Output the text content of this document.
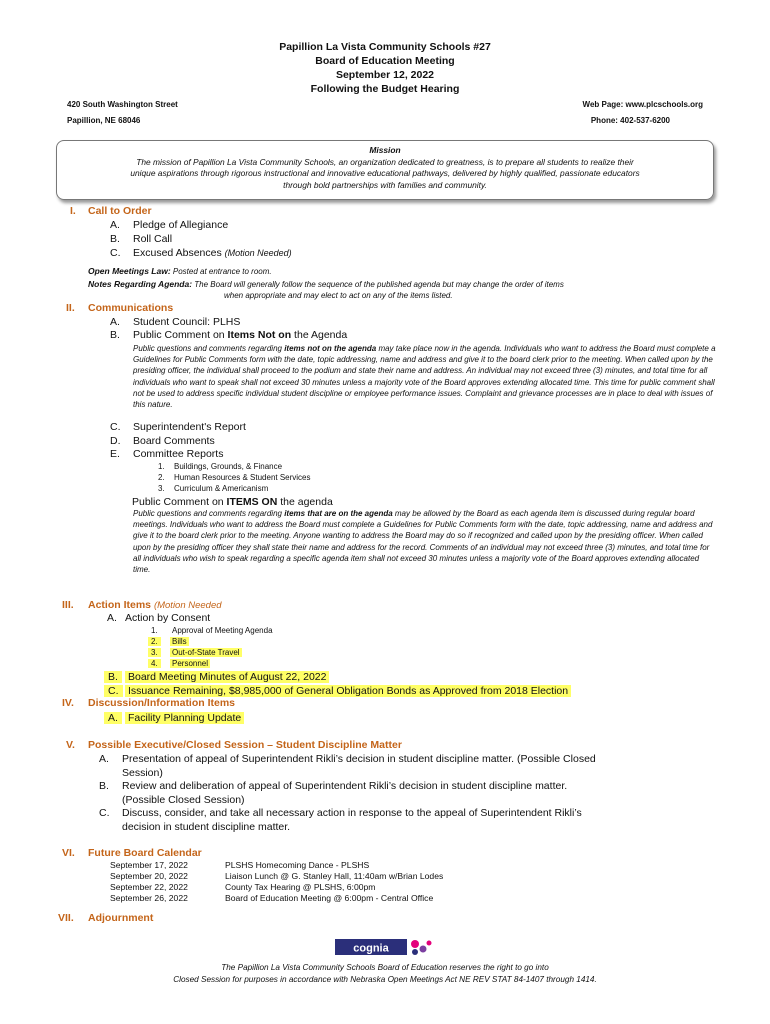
Papillion La Vista Community Schools #27
Board of Education Meeting
September 12, 2022
Following the Budget Hearing
420 South Washington Street	Web Page: www.plcschools.org
Papillion, NE 68046	Phone: 402-537-6200
Mission
The mission of Papillion La Vista Community Schools, an organization dedicated to greatness, is to prepare all students to realize their
unique aspirations through rigorous instructional and innovative educational pathways, delivered by highly qualified, passionate educators
through bold partnerships with families and community.
I. Call to Order
A. Pledge of Allegiance
B. Roll Call
C. Excused Absences (Motion Needed)
Open Meetings Law: Posted at entrance to room.
Notes Regarding Agenda: The Board will generally follow the sequence of the published agenda but may change the order of items
when appropriate and may elect to act on any of the items listed.
II. Communications
A. Student Council: PLHS
B. Public Comment on Items Not on the Agenda
Public questions and comments regarding items not on the agenda may take place now in the agenda. Individuals who want to address the Board must complete a Guidelines for Public Comments form with the date, topic addressing, name and address and give it to the board clerk prior to the meeting. When called upon by the presiding officer, the individual shall proceed to the podium and state their name and address. An individual may not exceed three (3) minutes, and total time for all individuals who want to speak shall not exceed 30 minutes unless a majority vote of the Board approves extending allocated time. This time for public comment shall not be used to address specific individual student discipline or employee performance issues. Complaint and grievance processes are in place to deal with issues of this nature.
C. Superintendent's Report
D. Board Comments
E. Committee Reports
1. Buildings, Grounds, & Finance
2. Human Resources & Student Services
3. Curriculum & Americanism
Public Comment on ITEMS ON the agenda
Public questions and comments regarding items that are on the agenda may be allowed by the Board as each agenda item is discussed during regular board meetings. Individuals who want to address the Board must complete a Guidelines for Public Comments form with the date, topic addressing, name and address and give it to the board clerk prior to the meeting. Anyone wanting to address the Board may do so if recognized and called upon by the presiding officer. When called upon by the presiding officer they shall state their name and address for the record. Comments of an individual may not exceed three (3) minutes, and total time for all individuals who wish to speak regarding a specific agenda item shall not exceed 30 minutes unless a majority vote of the Board approves extending allocated time.
III. Action Items (Motion Needed
A. Action by Consent
1. Approval of Meeting Agenda
2.	Bills
3.	Out-of-State Travel
4.	Personnel
B. Board Meeting Minutes of August 22, 2022
C. Issuance Remaining, $8,985,000 of General Obligation Bonds as Approved from 2018 Election
IV. Discussion/Information Items
A. Facility Planning Update
V. Possible Executive/Closed Session – Student Discipline Matter
A. Presentation of appeal of Superintendent Rikli’s decision in student discipline matter. (Possible Closed
Session)
B. Review and deliberation of appeal of Superintendent Rikli’s decision in student discipline matter.
(Possible Closed Session)
C. Discuss, consider, and take all necessary action in response to the appeal of Superintendent Rikli’s
decision in student discipline matter.
VI. Future Board Calendar
September 17, 2022	PLSHS Homecoming Dance - PLSHS
September 20, 2022	Liaison Lunch @ G. Stanley Hall, 11:40am w/Brian Lodes
September 22, 2022	County Tax Hearing @ PLSHS, 6:00pm
September 26, 2022	Board of Education Meeting @ 6:00pm - Central Office
VII. Adjournment
cognia
The Papillion La Vista Community Schools Board of Education reserves the right to go into
Closed Session for purposes in accordance with Nebraska Open Meetings Act NE REV STAT 84-1407 through 1414.
